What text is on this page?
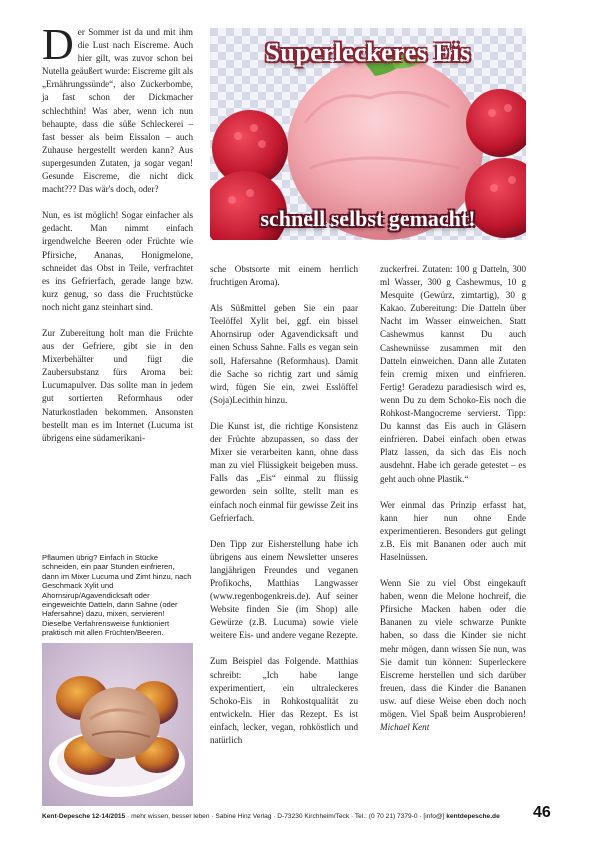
Superleckeres Eis
schnell selbst gemacht!

Der Sommer ist da und mit ihm die Lust nach Eiscreme. Auch hier gilt, was zuvor schon bei Nutella geäußert wurde: Eiscreme gilt als „Ernährungssünde“, also Zuckerbombe, ja fast schon der Dickmacher schlechthin! Was aber, wenn ich nun behaupte, dass die süße Schleckerei – fast besser als beim Eissalon – auch Zuhause hergestellt werden kann? Aus supergesunden Zutaten, ja sogar vegan! Gesunde Eiscreme, die nicht dick macht??? Das wär's doch, oder?

Nun, es ist möglich! Sogar einfacher als gedacht. Man nimmt einfach irgendwelche Beeren oder Früchte wie Pfirsiche, Ananas, Honigmelone, schneidet das Obst in Teile, verfrachtet es ins Gefrierfach, gerade lange bzw. kurz genug, so dass die Fruchtstücke noch nicht ganz steinhart sind.

Zur Zubereitung holt man die Früchte aus der Gefriere, gibt sie in den Mixerbehälter und fügt die Zaubersubstanz fürs Aroma bei: Lucumapulver. Das sollte man in jedem gut sortierten Reformhaus oder Naturkostladen bekommen. Ansonsten bestellt man es im Internet (Lucuma ist übrigens eine südamerikani-

Pflaumen übrig? Einfach in Stücke schneiden, ein paar Stunden einfrieren, dann im Mixer Lucuma und Zimt hinzu, nach Geschmack Xylit und Ahornsirup/Agavendicksaft oder eingeweichte Datteln, dann Sahne (oder Hafersahne) dazu, mixen, servieren! Dieselbe Verfahrensweise funktioniert praktisch mit allen Früchten/Beeren.

sche Obstsorte mit einem herrlich fruchtigen Aroma).

Als Süßmittel geben Sie ein paar Teelöffel Xylit bei, ggf. ein bissel Ahornsirup oder Agavendicksaft und einen Schuss Sahne. Falls es vegan sein soll, Hafersahne (Reformhaus). Damit die Sache so richtig zart und sämig wird, fügen Sie ein, zwei Esslöffel (Soja)Lecithin hinzu.

Die Kunst ist, die richtige Konsistenz der Früchte abzupassen, so dass der Mixer sie verarbeiten kann, ohne dass man zu viel Flüssigkeit beigeben muss. Falls das „Eis“ einmal zu flüssig geworden sein sollte, stellt man es einfach noch einmal für gewisse Zeit ins Gefrierfach.

Den Tipp zur Eisherstellung habe ich übrigens aus einem Newsletter unseres langjährigen Freundes und veganen Profikochs, Matthias Langwasser (www.regenbogenkreis.de). Auf seiner Website finden Sie (im Shop) alle Gewürze (z.B. Lucuma) sowie viele weitere Eis- und andere vegane Rezepte.

Zum Beispiel das Folgende. Matthias schreibt: „Ich habe lange experimentiert, ein ultraleckeres Schoko-Eis in Rohkostqualität zu entwickeln. Hier das Rezept. Es ist einfach, lecker, vegan, rohköstlich und natürlich

zuckerfrei. Zutaten: 100 g Datteln, 300 ml Wasser, 300 g Cashewmus, 10 g Mesquite (Gewürz, zimtartig), 30 g Kakao. Zubereitung: Die Datteln über Nacht im Wasser einweichen. Statt Cashewmus kannst Du auch Cashewnüsse zusammen mit den Datteln einweichen. Dann alle Zutaten fein cremig mixen und einfrieren. Fertig! Geradezu paradiesisch wird es, wenn Du zu dem Schoko-Eis noch die Rohkost-Mangocreme servierst. Tipp: Du kannst das Eis auch in Gläsern einfrieren. Dabei einfach oben etwas Platz lassen, da sich das Eis noch ausdehnt. Habe ich gerade getestet – es geht auch ohne Plastik.“

Wer einmal das Prinzip erfasst hat, kann hier nun ohne Ende experimentieren. Besonders gut gelingt z.B. Eis mit Bananen oder auch mit Haselnüssen.

Wenn Sie zu viel Obst eingekauft haben, wenn die Melone hochreif, die Pfirsiche Macken haben oder die Bananen zu viele schwarze Punkte haben, so dass die Kinder sie nicht mehr mögen, dann wissen Sie nun, was Sie damit tun können: Superleckere Eiscreme herstellen und sich darüber freuen, dass die Kinder die Bananen usw. auf diese Weise eben doch noch mögen. Viel Spaß beim Ausprobieren! Michael Kent

Kent-Depesche 12-14/2015 · mehr wissen, besser leben · Sabine Hinz Verlag · D-73230 Kirchheim/Teck · Tel.: (0 70 21) 7379-0 · [info@] kentdepesche.de	46
